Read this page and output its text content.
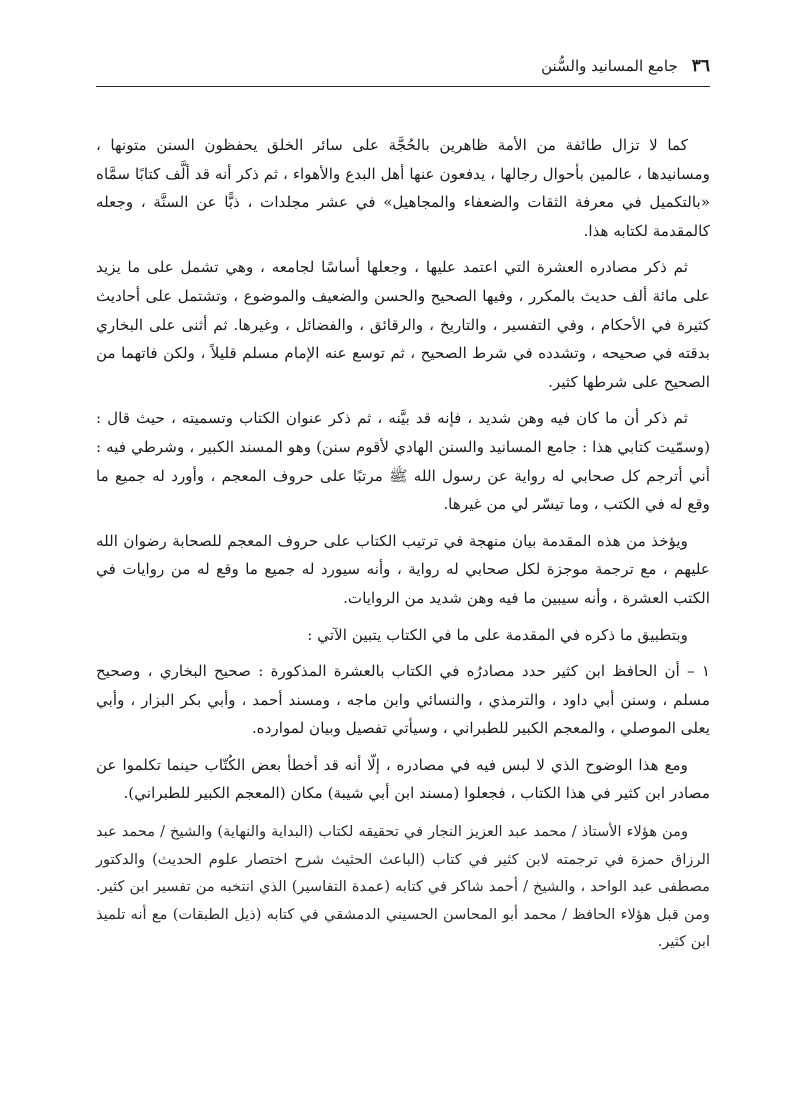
٣٦
جامع المسانيد والسُّنن

كما لا تزال طائفة من الأمة ظاهرين بالحُجَّة على سائر الخلق يحفظون السنن متونها ، ومسانيدها ، عالمين بأحوال رجالها ، يدفعون عنها أهل البدع والأهواء ، ثم ذكر أنه قد ألَّف كتابًا سمَّاه «بالتكميل في معرفة الثقات والضعفاء والمجاهيل» في عشر مجلدات ، ذبًّا عن السنَّة ، وجعله كالمقدمة لكتابه هذا.

ثم ذكر مصادره العشرة التي اعتمد عليها ، وجعلها أساسًا لجامعه ، وهي تشمل على ما يزيد على مائة ألف حديث بالمكرر ، وفيها الصحيح والحسن والضعيف والموضوع ، وتشتمل على أحاديث كثيرة في الأحكام ، وفي التفسير ، والتاريخ ، والرقائق ، والفضائل ، وغيرها. ثم أثنى على البخاري بدقته في صحيحه ، وتشدده في شرط الصحيح ، ثم توسع عنه الإمام مسلم قليلاً ، ولكن فاتهما من الصحيح على شرطها كثير.

ثم ذكر أن ما كان فيه وهن شديد ، فإنه قد بيَّنه ، ثم ذكر عنوان الكتاب وتسميته ، حيث قال : (وسمّيت كتابي هذا : جامع المسانيد والسنن الهادي لأقوم سنن) وهو المسند الكبير ، وشرطي فيه : أني أترجم كل صحابي له رواية عن رسول الله ﷺ مرتبًا على حروف المعجم ، وأورد له جميع ما وقع له في الكتب ، وما تيسّر لي من غيرها.

ويؤخذ من هذه المقدمة بيان منهجة في ترتيب الكتاب على حروف المعجم للصحابة رضوان الله عليهم ، مع ترجمة موجزة لكل صحابي له رواية ، وأنه سيورد له جميع ما وقع له من روايات في الكتب العشرة ، وأنه سيبين ما فيه وهن شديد من الروايات.

وبتطبيق ما ذكره في المقدمة على ما في الكتاب يتبين الآتي :

١ – أن الحافظ ابن كثير حدد مصادرُه في الكتاب بالعشرة المذكورة : صحيح البخاري ، وصحيح مسلم ، وسنن أبي داود ، والترمذي ، والنسائي وابن ماجه ، ومسند أحمد ، وأبي بكر البزار ، وأبي يعلى الموصلي ، والمعجم الكبير للطبراني ، وسيأتي تفصيل وبيان لموارده.

ومع هذا الوضوح الذي لا لبس فيه في مصادره ، إلّا أنه قد أخطأ بعض الكُتّاب حينما تكلموا عن مصادر ابن كثير في هذا الكتاب ، فجعلوا (مسند ابن أبي شيبة) مكان (المعجم الكبير للطبراني).

ومن هؤلاء الأستاذ / محمد عبد العزيز النجار في تحقيقه لكتاب (البداية والنهاية) والشيخ / محمد عبد الرزاق حمزة في ترجمته لابن كثير في كتاب (الباعث الحثيث شرح اختصار علوم الحديث) والدكتور مصطفى عبد الواحد ، والشيخ / أحمد شاكر في كتابه (عمدة التفاسير) الذي انتخبه من تفسير ابن كثير. ومن قبل هؤلاء الحافظ / محمد أبو المحاسن الحسيني الدمشقي في كتابه (ذيل الطبقات) مع أنه تلميذ ابن كثير.
